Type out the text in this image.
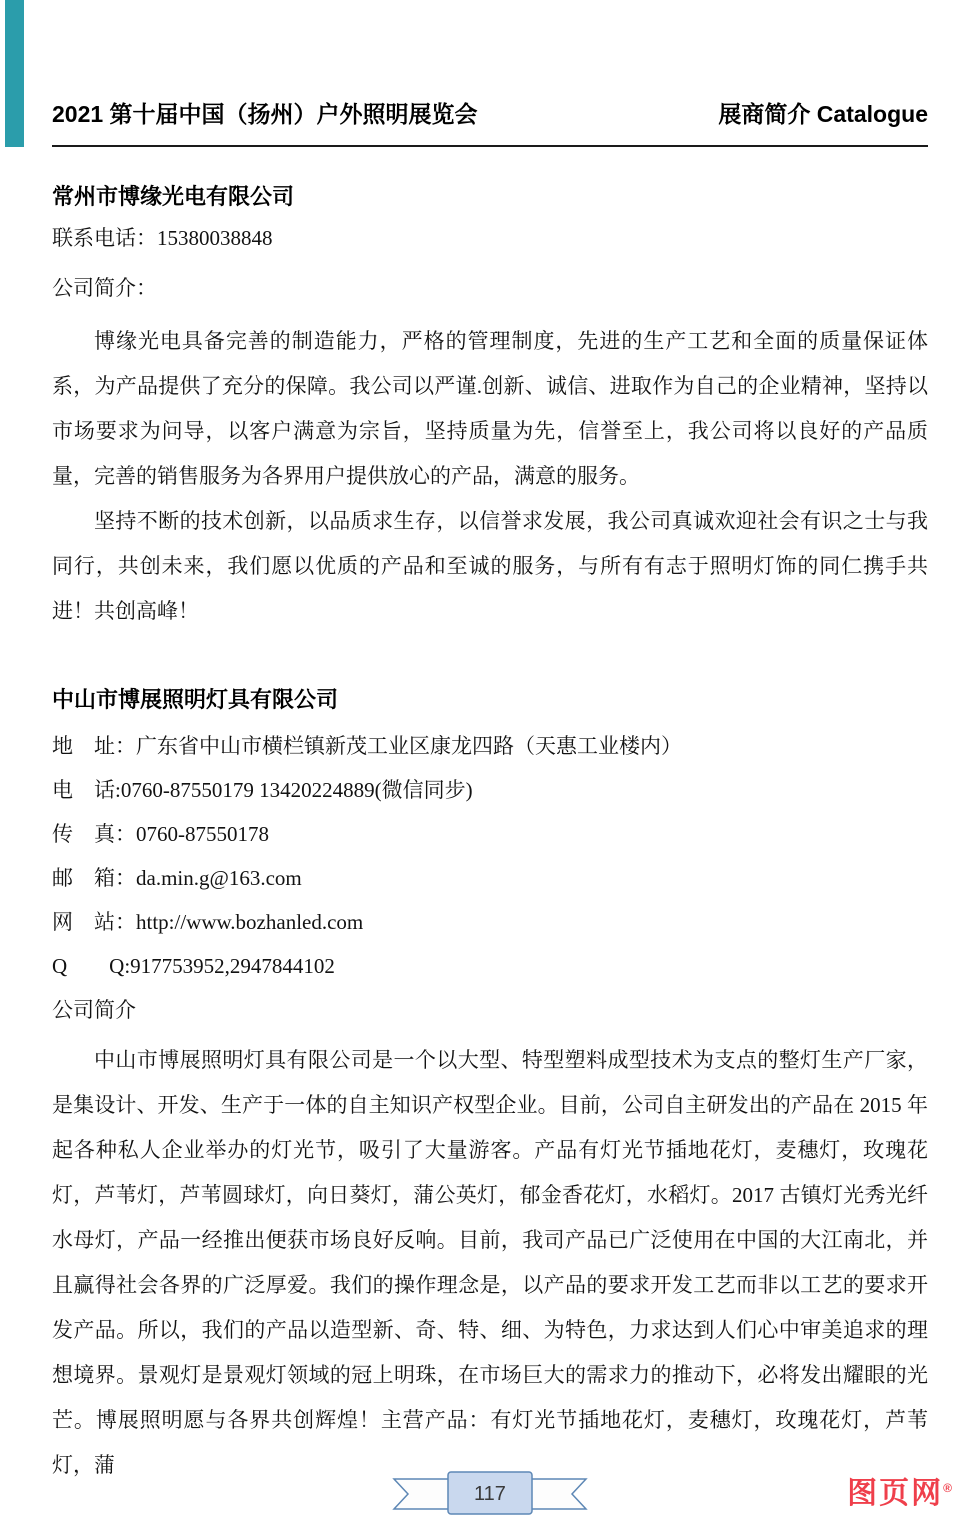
2021 第十届中国（扬州）户外照明展览会	展商简介 Catalogue
常州市博缘光电有限公司
联系电话：15380038848
公司简介：

博缘光电具备完善的制造能力，严格的管理制度，先进的生产工艺和全面的质量保证体系，为产品提供了充分的保障。我公司以严谨.创新、诚信、进取作为自己的企业精神，坚持以市场要求为问导，以客户满意为宗旨，坚持质量为先，信誉至上，我公司将以良好的产品质量，完善的销售服务为各界用户提供放心的产品，满意的服务。

坚持不断的技术创新，以品质求生存，以信誉求发展，我公司真诚欢迎社会有识之士与我同行，共创未来，我们愿以优质的产品和至诚的服务，与所有有志于照明灯饰的同仁携手共进！共创高峰！

中山市博展照明灯具有限公司
地　址：广东省中山市横栏镇新茂工业区康龙四路（天惠工业楼内）
电　话:0760-87550179 13420224889(微信同步)
传　真：0760-87550178
邮　箱：da.min.g@163.com
网　站：http://www.bozhanled.com
Q　　Q:917753952,2947844102
公司简介

中山市博展照明灯具有限公司是一个以大型、特型塑料成型技术为支点的整灯生产厂家，是集设计、开发、生产于一体的自主知识产权型企业。目前，公司自主研发出的产品在 2015 年起各种私人企业举办的灯光节，吸引了大量游客。产品有灯光节插地花灯，麦穗灯，玫瑰花灯，芦苇灯，芦苇圆球灯，向日葵灯，蒲公英灯，郁金香花灯，水稻灯。2017 古镇灯光秀光纤水母灯，产品一经推出便获市场良好反响。目前，我司产品已广泛使用在中国的大江南北，并且赢得社会各界的广泛厚爱。我们的操作理念是，以产品的要求开发工艺而非以工艺的要求开发产品。所以，我们的产品以造型新、奇、特、细、为特色，力求达到人们心中审美追求的理想境界。景观灯是景观灯领域的冠上明珠，在市场巨大的需求力的推动下，必将发出耀眼的光芒。博展照明愿与各界共创辉煌！主营产品：有灯光节插地花灯，麦穗灯，玫瑰花灯，芦苇灯，蒲

117	图页网®
